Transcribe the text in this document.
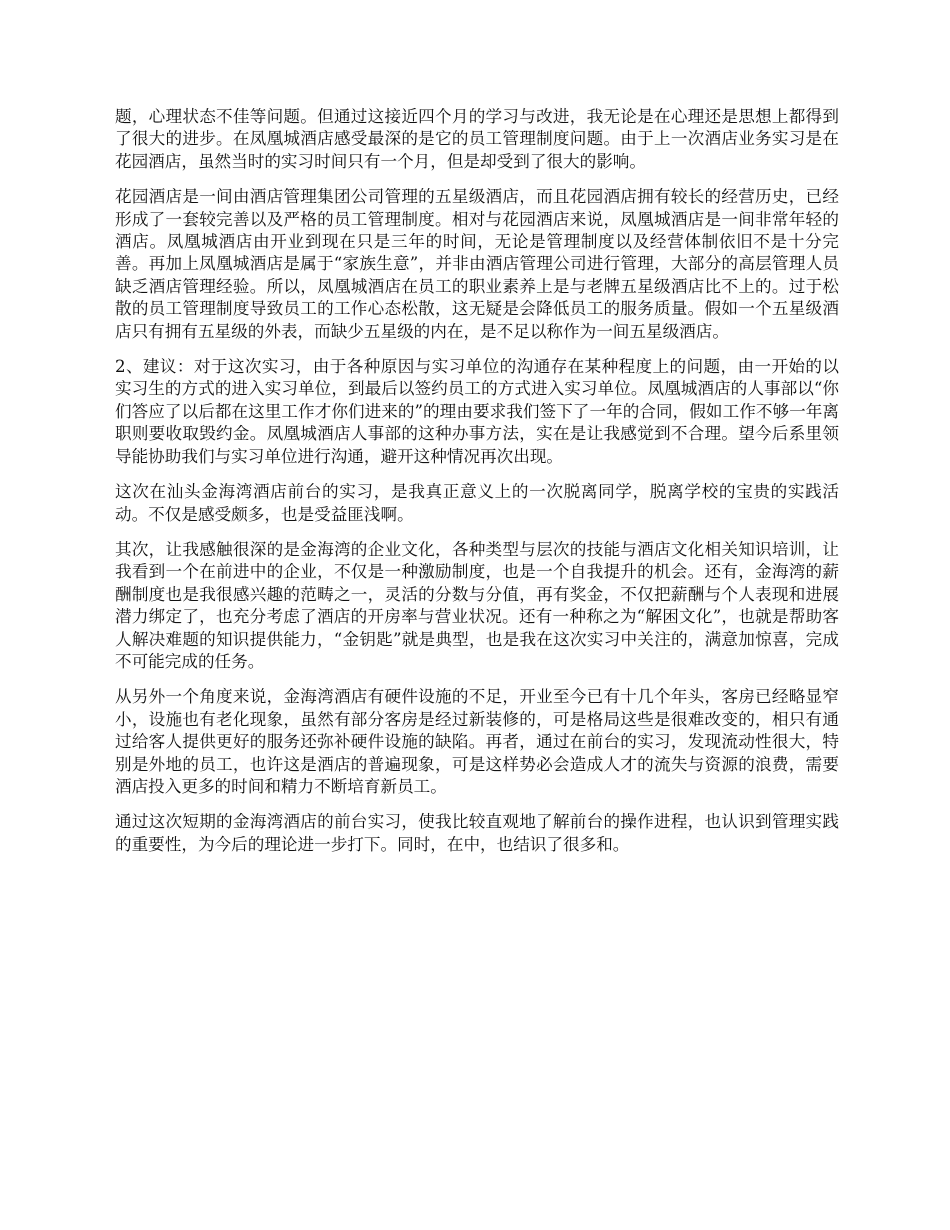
题，心理状态不佳等问题。但通过这接近四个月的学习与改进，我无论是在心理还是思想上都得到了很大的进步。在凤凰城酒店感受最深的是它的员工管理制度问题。由于上一次酒店业务实习是在花园酒店，虽然当时的实习时间只有一个月，但是却受到了很大的影响。

花园酒店是一间由酒店管理集团公司管理的五星级酒店，而且花园酒店拥有较长的经营历史，已经形成了一套较完善以及严格的员工管理制度。相对与花园酒店来说，凤凰城酒店是一间非常年轻的酒店。凤凰城酒店由开业到现在只是三年的时间，无论是管理制度以及经营体制依旧不是十分完善。再加上凤凰城酒店是属于“家族生意”，并非由酒店管理公司进行管理，大部分的高层管理人员缺乏酒店管理经验。所以，凤凰城酒店在员工的职业素养上是与老牌五星级酒店比不上的。过于松散的员工管理制度导致员工的工作心态松散，这无疑是会降低员工的服务质量。假如一个五星级酒店只有拥有五星级的外表，而缺少五星级的内在，是不足以称作为一间五星级酒店。

2、建议：对于这次实习，由于各种原因与实习单位的沟通存在某种程度上的问题，由一开始的以实习生的方式的进入实习单位，到最后以签约员工的方式进入实习单位。凤凰城酒店的人事部以“你们答应了以后都在这里工作才你们进来的”的理由要求我们签下了一年的合同，假如工作不够一年离职则要收取毁约金。凤凰城酒店人事部的这种办事方法，实在是让我感觉到不合理。望今后系里领导能协助我们与实习单位进行沟通，避开这种情况再次出现。

这次在汕头金海湾酒店前台的实习，是我真正意义上的一次脱离同学，脱离学校的宝贵的实践活动。不仅是感受颇多，也是受益匪浅啊。

其次，让我感触很深的是金海湾的企业文化，各种类型与层次的技能与酒店文化相关知识培训，让我看到一个在前进中的企业，不仅是一种激励制度，也是一个自我提升的机会。还有，金海湾的薪酬制度也是我很感兴趣的范畴之一，灵活的分数与分值，再有奖金，不仅把薪酬与个人表现和进展潜力绑定了，也充分考虑了酒店的开房率与营业状况。还有一种称之为“解困文化”，也就是帮助客人解决难题的知识提供能力，“金钥匙”就是典型，也是我在这次实习中关注的，满意加惊喜，完成不可能完成的任务。

从另外一个角度来说，金海湾酒店有硬件设施的不足，开业至今已有十几个年头，客房已经略显窄小，设施也有老化现象，虽然有部分客房是经过新装修的，可是格局这些是很难改变的，相只有通过给客人提供更好的服务还弥补硬件设施的缺陷。再者，通过在前台的实习，发现流动性很大，特别是外地的员工，也许这是酒店的普遍现象，可是这样势必会造成人才的流失与资源的浪费，需要酒店投入更多的时间和精力不断培育新员工。

通过这次短期的金海湾酒店的前台实习，使我比较直观地了解前台的操作进程，也认识到管理实践的重要性，为今后的理论进一步打下。同时，在中，也结识了很多和。
